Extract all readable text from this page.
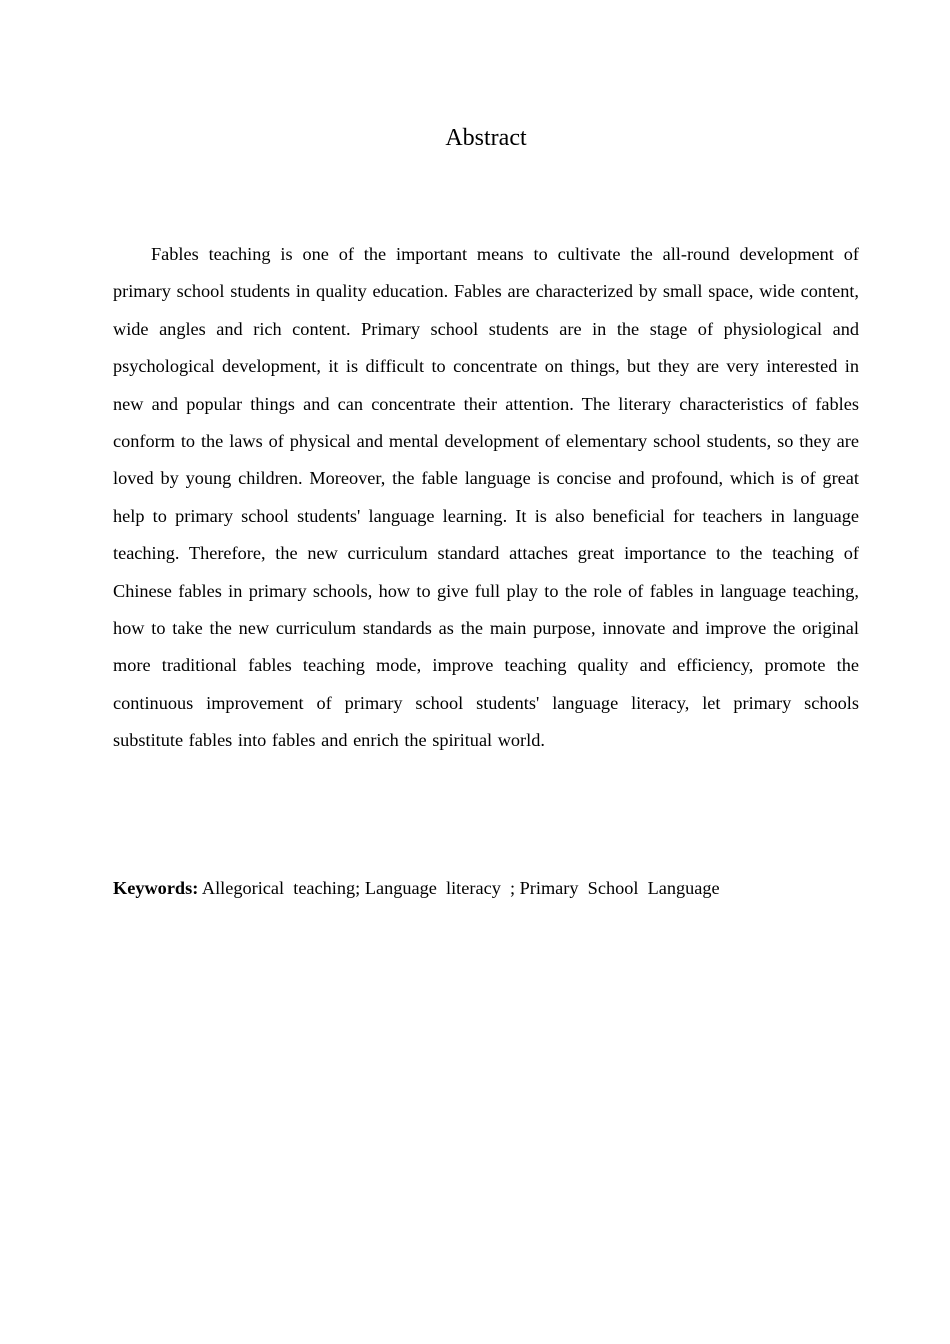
Abstract

Fables teaching is one of the important means to cultivate the all-round development of primary school students in quality education. Fables are characterized by small space, wide content, wide angles and rich content. Primary school students are in the stage of physiological and psychological development, it is difficult to concentrate on things, but they are very interested in new and popular things and can concentrate their attention. The literary characteristics of fables conform to the laws of physical and mental development of elementary school students, so they are loved by young children. Moreover, the fable language is concise and profound, which is of great help to primary school students' language learning. It is also beneficial for teachers in language teaching. Therefore, the new curriculum standard attaches great importance to the teaching of Chinese fables in primary schools, how to give full play to the role of fables in language teaching, how to take the new curriculum standards as the main purpose, innovate and improve the original more traditional fables teaching mode, improve teaching quality and efficiency, promote the continuous improvement of primary school students' language literacy, let primary schools substitute fables into fables and enrich the spiritual world.

Keywords: Allegorical  teaching; Language  literacy  ; Primary  School  Language
